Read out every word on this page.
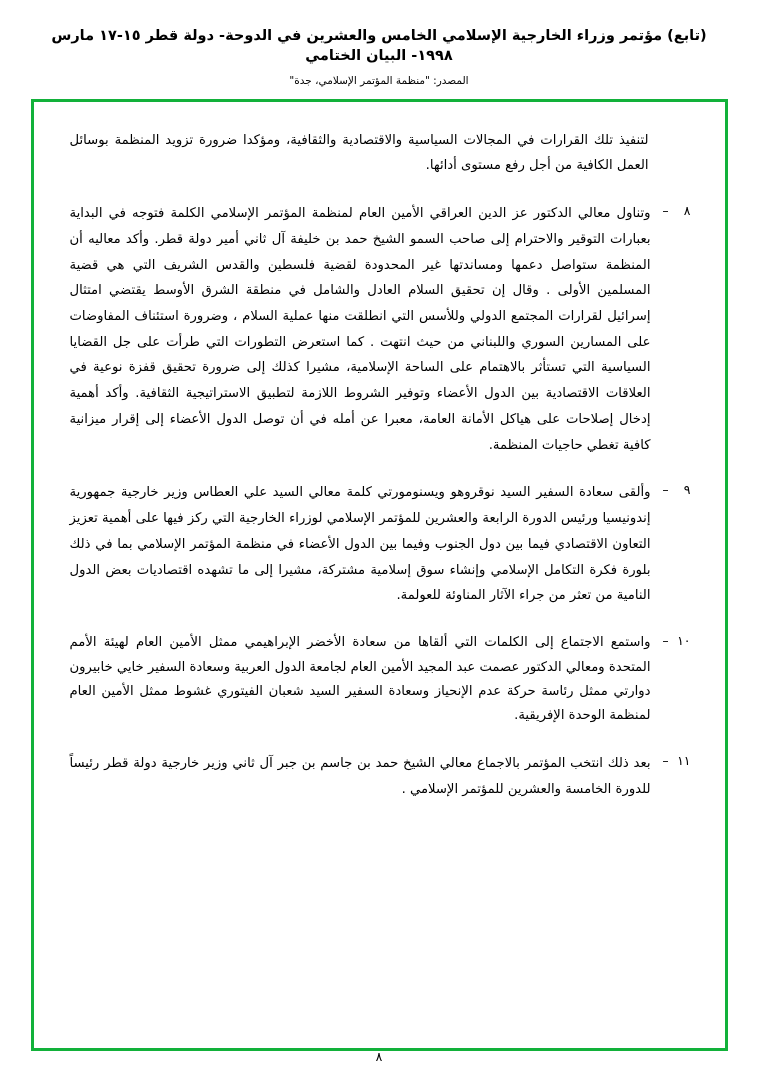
(تابع) مؤتمر وزراء الخارجية الإسلامي الخامس والعشرين في الدوحة- دولة قطر ١٥-١٧ مارس ١٩٩٨- البيان الختامي
المصدر: "منظمة المؤتمر الإسلامي، جدة"

لتنفيذ تلك القرارات في المجالات السياسية والاقتصادية والثقافية، ومؤكدا ضرورة تزويد المنظمة بوسائل العمل الكافية من أجل رفع مستوى أدائها.

٨
–
وتناول معالي الدكتور عز الدين العراقي الأمين العام لمنظمة المؤتمر الإسلامي الكلمة فتوجه في البداية بعبارات التوقير والاحترام إلى صاحب السمو الشيخ حمد بن خليفة آل ثاني أمير دولة قطر. وأكد معاليه أن المنظمة ستواصل دعمها ومساندتها غير المحدودة لقضية فلسطين والقدس الشريف التي هي قضية المسلمين الأولى . وقال إن تحقيق السلام العادل والشامل في منطقة الشرق الأوسط يقتضي امتثال إسرائيل لقرارات المجتمع الدولي وللأسس التي انطلقت منها عملية السلام ، وضرورة استئناف المفاوضات على المسارين السوري واللبناني من حيث انتهت . كما استعرض التطورات التي طرأت على جل القضايا السياسية التي تستأثر بالاهتمام على الساحة الإسلامية، مشيرا كذلك إلى ضرورة تحقيق قفزة نوعية في العلاقات الاقتصادية بين الدول الأعضاء وتوفير الشروط اللازمة لتطبيق الاستراتيجية الثقافية. وأكد أهمية إدخال إصلاحات على هياكل الأمانة العامة، معبرا عن أمله في أن توصل الدول الأعضاء إلى إقرار ميزانية كافية تغطي حاجيات المنظمة.
٩
–
وألقى سعادة السفير السيد نوقروهو ويسنومورتي كلمة معالي السيد علي العطاس وزير خارجية جمهورية إندونيسيا ورئيس الدورة الرابعة والعشرين للمؤتمر الإسلامي لوزراء الخارجية التي ركز فيها على أهمية تعزيز التعاون الاقتصادي فيما بين دول الجنوب وفيما بين الدول الأعضاء في منظمة المؤتمر الإسلامي بما في ذلك بلورة فكرة التكامل الإسلامي وإنشاء سوق إسلامية مشتركة، مشيرا إلى ما تشهده اقتصاديات بعض الدول النامية من تعثر من جراء الآثار المناوئة للعولمة.
١٠
–
واستمع الاجتماع إلى الكلمات التي ألقاها من سعادة الأخضر الإبراهيمي ممثل الأمين العام لهيئة الأمم المتحدة ومعالي الدكتور عصمت عبد المجيد الأمين العام لجامعة الدول العربية وسعادة السفير خايي خابيرون دوارتي ممثل رئاسة حركة عدم الإنحياز وسعادة السفير السيد شعبان الفيتوري غشوط ممثل الأمين العام لمنظمة الوحدة الإفريقية.
١١
–
بعد ذلك انتخب المؤتمر بالاجماع معالي الشيخ حمد بن جاسم بن جبر آل ثاني وزير خارجية دولة قطر رئيساً للدورة الخامسة والعشرين للمؤتمر الإسلامي .
٨
